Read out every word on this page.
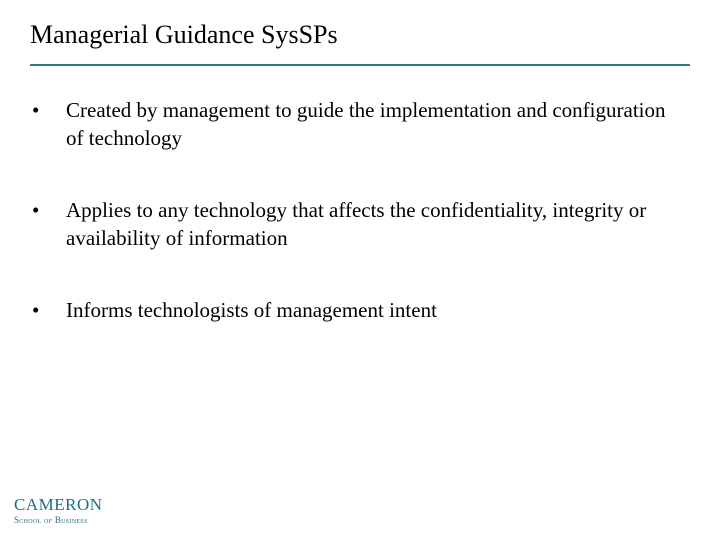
Managerial Guidance SysSPs
•	Created by management to guide the implementation and configuration of technology
•	Applies to any technology that affects the confidentiality, integrity or availability of information
•	Informs technologists of management intent
CAMERON
School of Business
